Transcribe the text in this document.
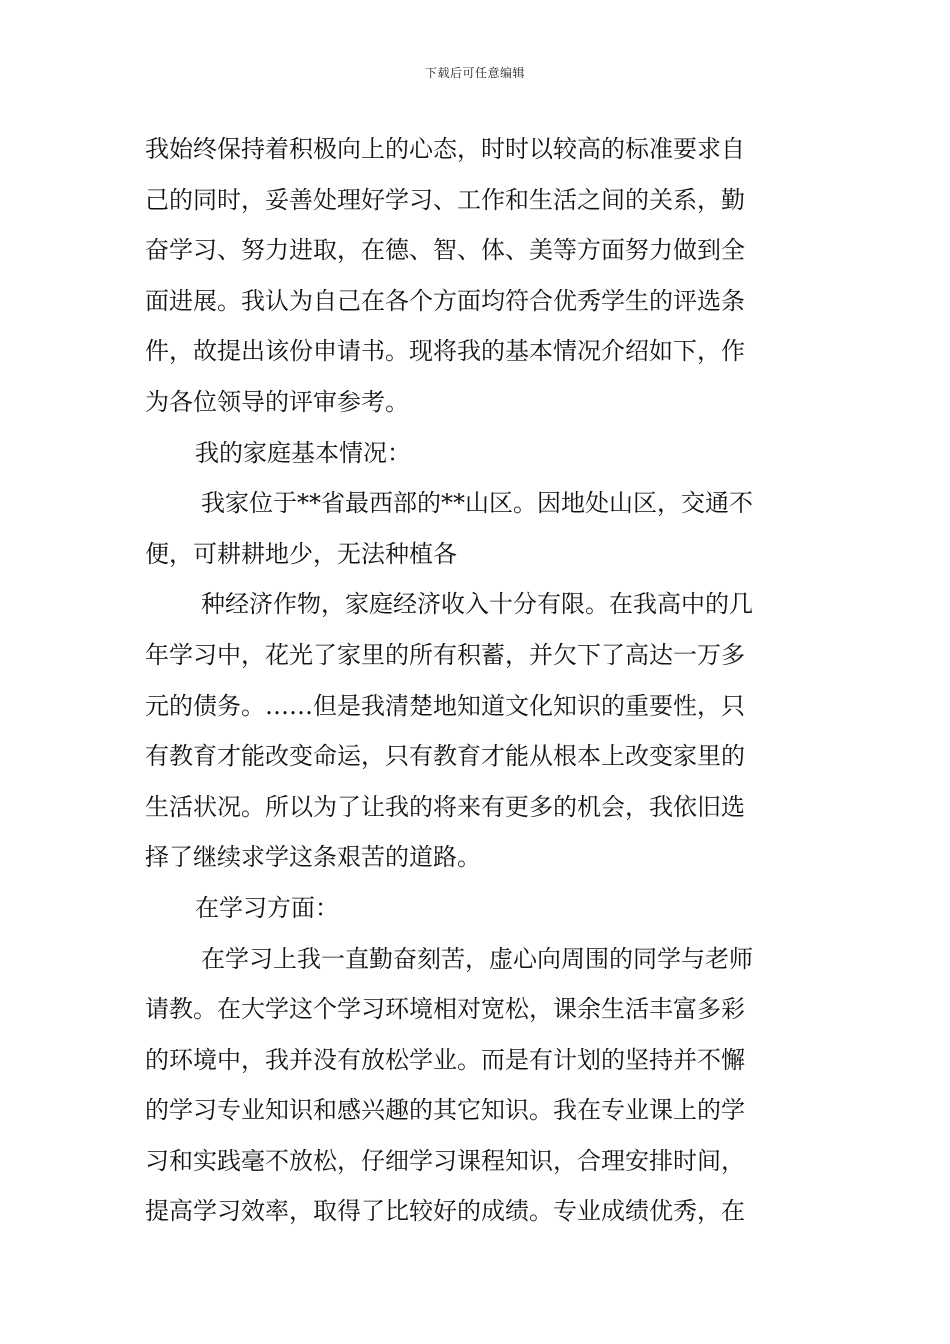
下载后可任意编辑
我始终保持着积极向上的心态，时时以较高的标准要求自
己的同时，妥善处理好学习、工作和生活之间的关系，勤
奋学习、努力进取，在德、智、体、美等方面努力做到全
面进展。我认为自己在各个方面均符合优秀学生的评选条
件，故提出该份申请书。现将我的基本情况介绍如下，作
为各位领导的评审参考。
我的家庭基本情况：
我家位于**省最西部的**山区。因地处山区，交通不
便，可耕耕地少，无法种植各
种经济作物，家庭经济收入十分有限。在我高中的几
年学习中，花光了家里的所有积蓄，并欠下了高达一万多
元的债务。……但是我清楚地知道文化知识的重要性，只
有教育才能改变命运，只有教育才能从根本上改变家里的
生活状况。所以为了让我的将来有更多的机会，我依旧选
择了继续求学这条艰苦的道路。
在学习方面：
在学习上我一直勤奋刻苦，虚心向周围的同学与老师
请教。在大学这个学习环境相对宽松，课余生活丰富多彩
的环境中，我并没有放松学业。而是有计划的坚持并不懈
的学习专业知识和感兴趣的其它知识。我在专业课上的学
习和实践毫不放松，仔细学习课程知识，合理安排时间，
提高学习效率，取得了比较好的成绩。专业成绩优秀，在
